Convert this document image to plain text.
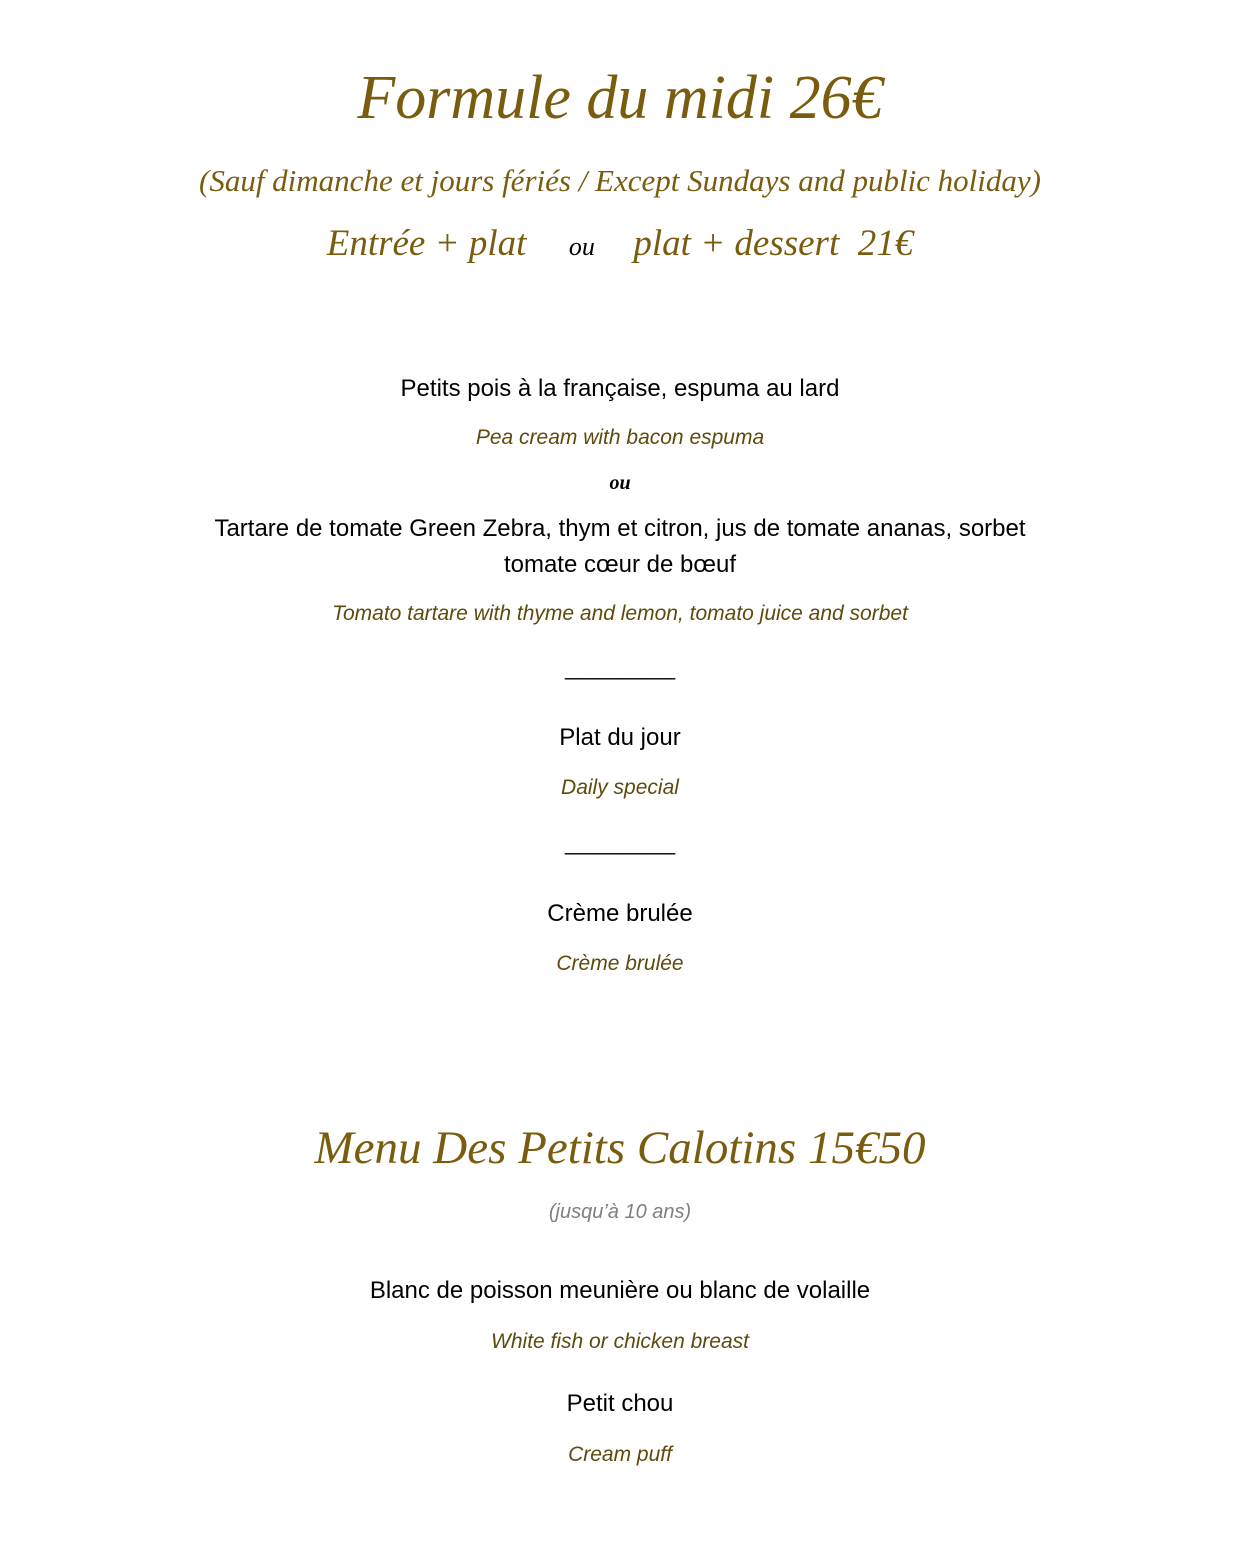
Formule du midi 26€
(Sauf dimanche et jours fériés / Except Sundays and public holiday)
Entrée + plat ou plat + dessert  21€
Petits pois à la française, espuma au lard
Pea cream with bacon espuma
ou
Tartare de tomate Green Zebra, thym et citron, jus de tomate ananas, sorbet
tomate cœur de bœuf
Tomato tartare with thyme and lemon, tomato juice and sorbet
_________
Plat du jour
Daily special
_________
Crème brulée
Crème brulée
Menu Des Petits Calotins 15€50
(jusqu’à 10 ans)
Blanc de poisson meunière ou blanc de volaille
White fish or chicken breast
Petit chou
Cream puff
